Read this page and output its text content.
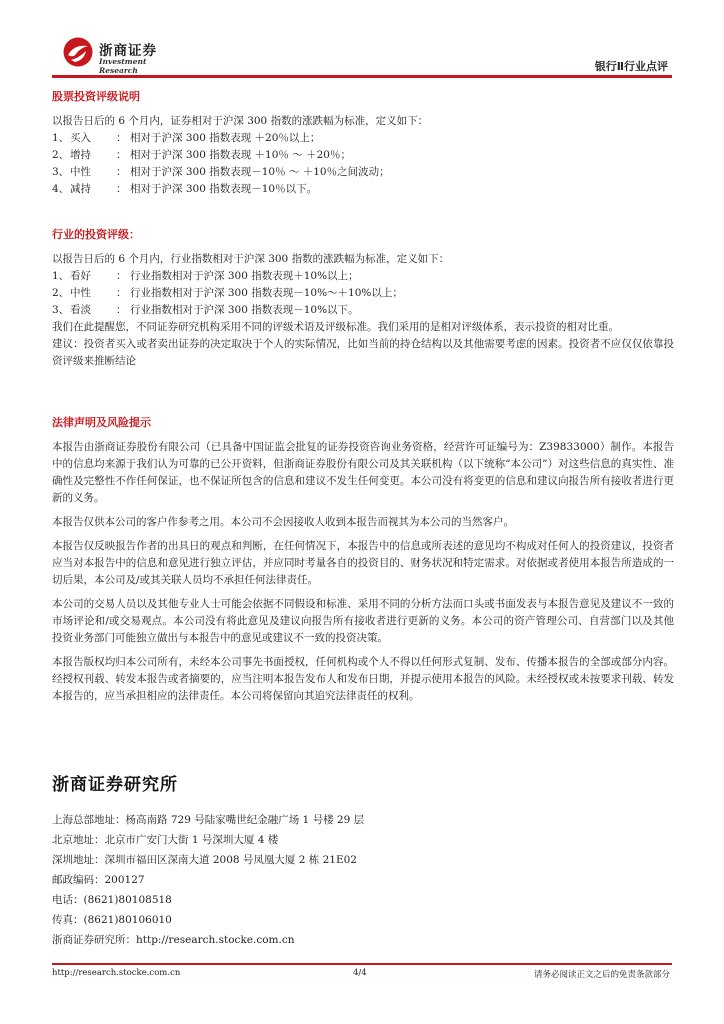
浙商证券
Investment Research	银行Ⅱ行业点评
股票投资评级说明
以报告日后的 6 个月内，证券相对于沪深 300 指数的涨跌幅为标准，定义如下：
1、 买入	： 相对于沪深 300 指数表现 ＋20％以上；
2、 增持	： 相对于沪深 300 指数表现 ＋10％ ～ ＋20％；
3、 中性	： 相对于沪深 300 指数表现－10％ ～ ＋10％之间波动；
4、 减持	： 相对于沪深 300 指数表现－10％以下。
行业的投资评级：
以报告日后的 6 个月内，行业指数相对于沪深 300 指数的涨跌幅为标准，定义如下：
1、 看好	： 行业指数相对于沪深 300 指数表现＋10%以上；
2、 中性	： 行业指数相对于沪深 300 指数表现－10%～＋10%以上；
3、 看淡	： 行业指数相对于沪深 300 指数表现－10%以下。
我们在此提醒您，不同证券研究机构采用不同的评级术语及评级标准。我们采用的是相对评级体系，表示投资的相对比重。
建议：投资者买入或者卖出证券的决定取决于个人的实际情况，比如当前的持仓结构以及其他需要考虑的因素。投资者不应仅仅依靠投资评级来推断结论
法律声明及风险提示
本报告由浙商证券股份有限公司（已具备中国证监会批复的证券投资咨询业务资格，经营许可证编号为：Z39833000）制作。本报告中的信息均来源于我们认为可靠的已公开资料，但浙商证券股份有限公司及其关联机构（以下统称“本公司”）对这些信息的真实性、准确性及完整性不作任何保证，也不保证所包含的信息和建议不发生任何变更。本公司没有将变更的信息和建议向报告所有接收者进行更新的义务。
本报告仅供本公司的客户作参考之用。本公司不会因接收人收到本报告而视其为本公司的当然客户。
本报告仅反映报告作者的出具日的观点和判断，在任何情况下，本报告中的信息或所表述的意见均不构成对任何人的投资建议，投资者应当对本报告中的信息和意见进行独立评估，并应同时考量各自的投资目的、财务状况和特定需求。对依据或者使用本报告所造成的一切后果，本公司及/或其关联人员均不承担任何法律责任。
本公司的交易人员以及其他专业人士可能会依据不同假设和标准、采用不同的分析方法而口头或书面发表与本报告意见及建议不一致的市场评论和/或交易观点。本公司没有将此意见及建议向报告所有接收者进行更新的义务。本公司的资产管理公司、自营部门以及其他投资业务部门可能独立做出与本报告中的意见或建议不一致的投资决策。
本报告版权均归本公司所有，未经本公司事先书面授权，任何机构或个人不得以任何形式复制、发布、传播本报告的全部或部分内容。经授权刊载、转发本报告或者摘要的，应当注明本报告发布人和发布日期，并提示使用本报告的风险。未经授权或未按要求刊载、转发本报告的，应当承担相应的法律责任。本公司将保留向其追究法律责任的权利。
浙商证券研究所
上海总部地址：杨高南路 729 号陆家嘴世纪金融广场 1 号楼 29 层
北京地址：北京市广安门大街 1 号深圳大厦 4 楼
深圳地址：深圳市福田区深南大道 2008 号凤凰大厦 2 栋 21E02
邮政编码：200127
电话：(8621)80108518
传真：(8621)80106010
浙商证券研究所：http://research.stocke.com.cn
http://research.stocke.com.cn	4/4	请务必阅读正文之后的免责条款部分
